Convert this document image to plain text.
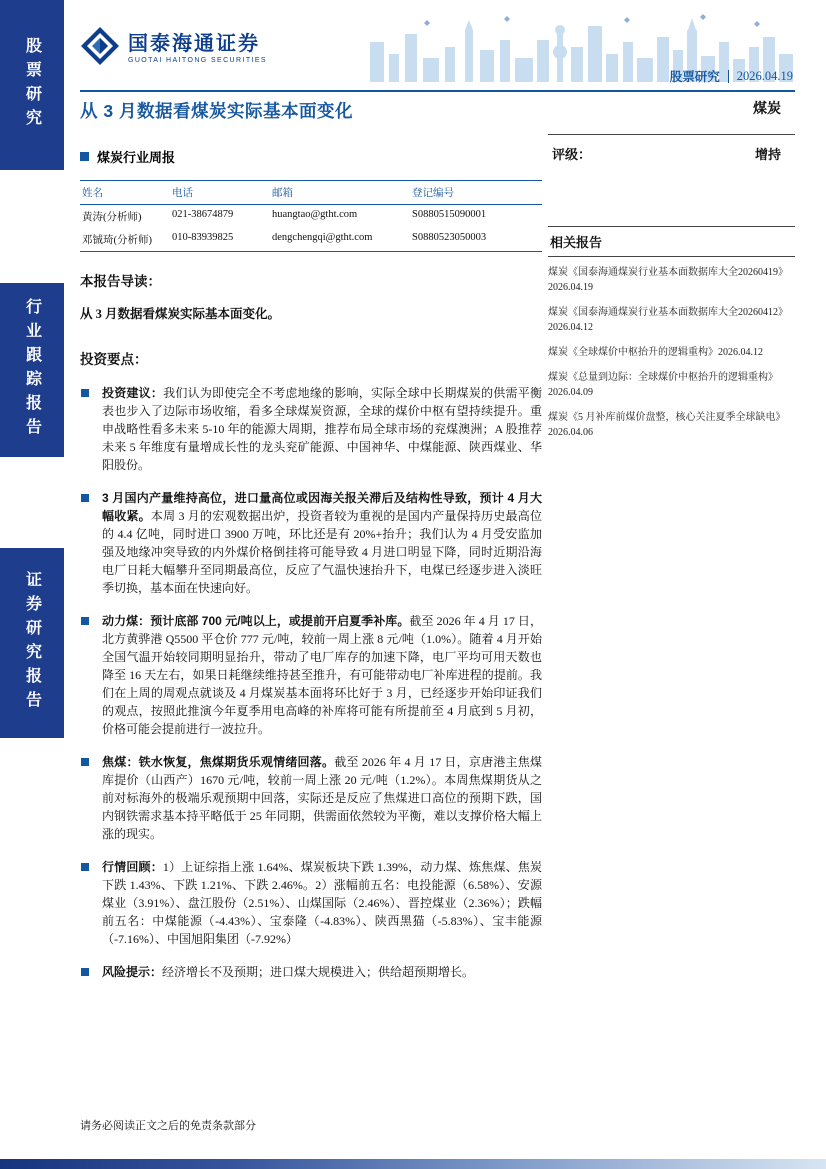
股票研究
行业跟踪报告
证券研究报告
国泰海通证券
GUOTAI HAITONG SECURITIES
股票研究 2026.04.19
从 3 月数据看煤炭实际基本面变化
煤炭行业周报
姓名	电话	邮箱	登记编号
黄涛(分析师)	021-38674879	huangtao@gtht.com	S0880515090001
邓铖琦(分析师)	010-83939825	dengchengqi@gtht.com	S0880523050003
本报告导读：
从 3 月数据看煤炭实际基本面变化。
投资要点：
投资建议：我们认为即使完全不考虑地缘的影响，实际全球中长期煤炭的供需平衡表也步入了边际市场收缩，看多全球煤炭资源，全球的煤价中枢有望持续提升。重申战略性看多未来 5-10 年的能源大周期，推荐布局全球市场的兖煤澳洲；A 股推荐未来 5 年维度有量增成长性的龙头兖矿能源、中国神华、中煤能源、陕西煤业、华阳股份。
3 月国内产量维持高位，进口量高位或因海关报关滞后及结构性导致，预计 4 月大幅收紧。本周 3 月的宏观数据出炉，投资者较为重视的是国内产量保持历史最高位的 4.4 亿吨，同时进口 3900 万吨，环比还是有 20%+抬升；我们认为 4 月受安监加强及地缘冲突导致的内外煤价格倒挂将可能导致 4 月进口明显下降，同时近期沿海电厂日耗大幅攀升至同期最高位，反应了气温快速抬升下，电煤已经逐步进入淡旺季切换，基本面在快速向好。
动力煤：预计底部 700 元/吨以上，或提前开启夏季补库。截至 2026 年 4 月 17 日，北方黄骅港 Q5500 平仓价 777 元/吨，较前一周上涨 8 元/吨（1.0%）。随着 4 月开始全国气温开始较同期明显抬升，带动了电厂库存的加速下降，电厂平均可用天数也降至 16 天左右，如果日耗继续维持甚至推升，有可能带动电厂补库进程的提前。我们在上周的周观点就谈及 4 月煤炭基本面将环比好于 3 月，已经逐步开始印证我们的观点，按照此推演今年夏季用电高峰的补库将可能有所提前至 4 月底到 5 月初，价格可能会提前进行一波拉升。
焦煤：铁水恢复，焦煤期货乐观情绪回落。截至 2026 年 4 月 17 日，京唐港主焦煤库提价（山西产）1670 元/吨，较前一周上涨 20 元/吨（1.2%）。本周焦煤期货从之前对标海外的极端乐观预期中回落，实际还是反应了焦煤进口高位的预期下跌，国内钢铁需求基本持平略低于 25 年同期，供需面依然较为平衡，难以支撑价格大幅上涨的现实。
行情回顾：1）上证综指上涨 1.64%、煤炭板块下跌 1.39%，动力煤、炼焦煤、焦炭下跌 1.43%、下跌 1.21%、下跌 2.46%。2）涨幅前五名：电投能源（6.58%）、安源煤业（3.91%）、盘江股份（2.51%）、山煤国际（2.46%）、晋控煤业（2.36%）；跌幅前五名：中煤能源（-4.43%）、宝泰隆（-4.83%）、陕西黑猫（-5.83%）、宝丰能源（-7.16%）、中国旭阳集团（-7.92%）
风险提示：经济增长不及预期；进口煤大规模进入；供给超预期增长。
煤炭
评级：	增持
相关报告
煤炭《国泰海通煤炭行业基本面数据库大全20260419》2026.04.19
煤炭《国泰海通煤炭行业基本面数据库大全20260412》2026.04.12
煤炭《全球煤价中枢抬升的逻辑重构》2026.04.12
煤炭《总量到边际：全球煤价中枢抬升的逻辑重构》2026.04.09
煤炭《5 月补库前煤价盘整，核心关注夏季全球缺电》2026.04.06
请务必阅读正文之后的免责条款部分
